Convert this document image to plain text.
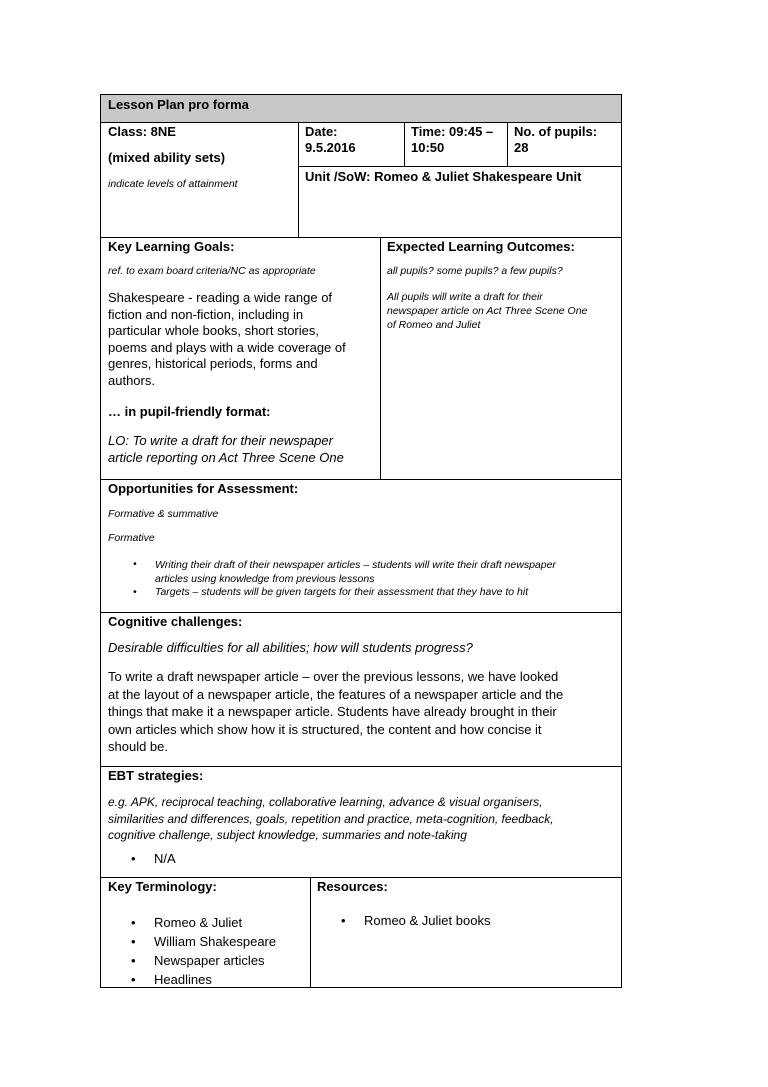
Lesson Plan pro forma
Class: 8NE
(mixed ability sets)
indicate levels of attainment
Date:
9.5.2016
Time: 09:45 –
10:50
No. of pupils:
28
Unit /SoW: Romeo & Juliet Shakespeare Unit
Key Learning Goals:
ref. to exam board criteria/NC as appropriate
Shakespeare - reading a wide range of
fiction and non-fiction, including in
particular whole books, short stories,
poems and plays with a wide coverage of
genres, historical periods, forms and
authors.
… in pupil-friendly format:
LO: To write a draft for their newspaper
article reporting on Act Three Scene One
Expected Learning Outcomes:
all pupils? some pupils? a few pupils?
All pupils will write a draft for their
newspaper article on Act Three Scene One
of Romeo and Juliet
Opportunities for Assessment:
Formative & summative
Formative
• Writing their draft of their newspaper articles – students will write their draft newspaper
articles using knowledge from previous lessons
• Targets – students will be given targets for their assessment that they have to hit
Cognitive challenges:
Desirable difficulties for all abilities; how will students progress?
To write a draft newspaper article – over the previous lessons, we have looked
at the layout of a newspaper article, the features of a newspaper article and the
things that make it a newspaper article. Students have already brought in their
own articles which show how it is structured, the content and how concise it
should be.
EBT strategies:
e.g. APK, reciprocal teaching, collaborative learning, advance & visual organisers,
similarities and differences, goals, repetition and practice, meta-cognition, feedback,
cognitive challenge, subject knowledge, summaries and note-taking
• N/A
Key Terminology:
• Romeo & Juliet
• William Shakespeare
• Newspaper articles
• Headlines
Resources:
• Romeo & Juliet books
